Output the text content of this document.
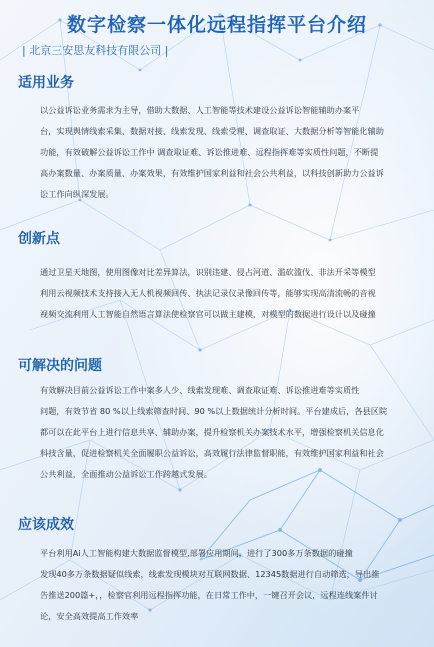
数字检察一体化远程指挥平台介绍
| 北京三安思友科技有限公司 |
适用业务
以公益诉讼业务需求为主导，借助大数据、人工智能等技术建设公益诉讼智能辅助办案平
台，实现舆情线索采集、数据对接、线索发现、线索受理、调查取证、大数据分析等智能化辅助
功能，有效破解公益诉讼工作中 调查取证难、诉讼推进难、远程指挥难等实质性问题，不断提
高办案数量、办案质量、办案效果，有效维护国家利益和社会公共利益，以科技创新助力公益诉
讼工作向纵深发展。
创新点
通过卫星天地图，使用图像对比差异算法，识别违建、侵占河道、滥砍滥伐、非法开采等模型
利用云视频技术支持接入无人机视频回传、执法记录仪录像回传等，能够实现高清流畅的音视
视频交流利用人工智能自然语言算法使检察官可以做主建模，对模型的数据进行设计以及碰撞
可解决的问题
有效解决目前公益诉讼工作中案多人少、线索发现难、调查取证难、诉讼推进难等实质性
问题，有效节省 80 %以上线索筛查时间、90 %以上数据统计分析时间。平台建成后，各县区院
都可以在此平台上进行信息共享、辅助办案，提升检察机关办案技术水平，增强检察机关信息化
科技含量，促进检察机关全面履职公益诉讼，高效履行法律监督职能，有效维护国家利益和社会
公共利益，全面推动公益诉讼工作跨越式发展。
应该成效
平台利用Ai人工智能构建大数据监督模型,部署应用期间，进行了300多万条数据的碰撞
发现40多万条数据疑似线索，线索发现模块对互联网数据、12345数据进行自动筛选，导出推
告推送200篇+，，检察官利用远程指挥功能，在日常工作中，一键召开会议，远程连线案件讨
论，安全高效提高工作效率
